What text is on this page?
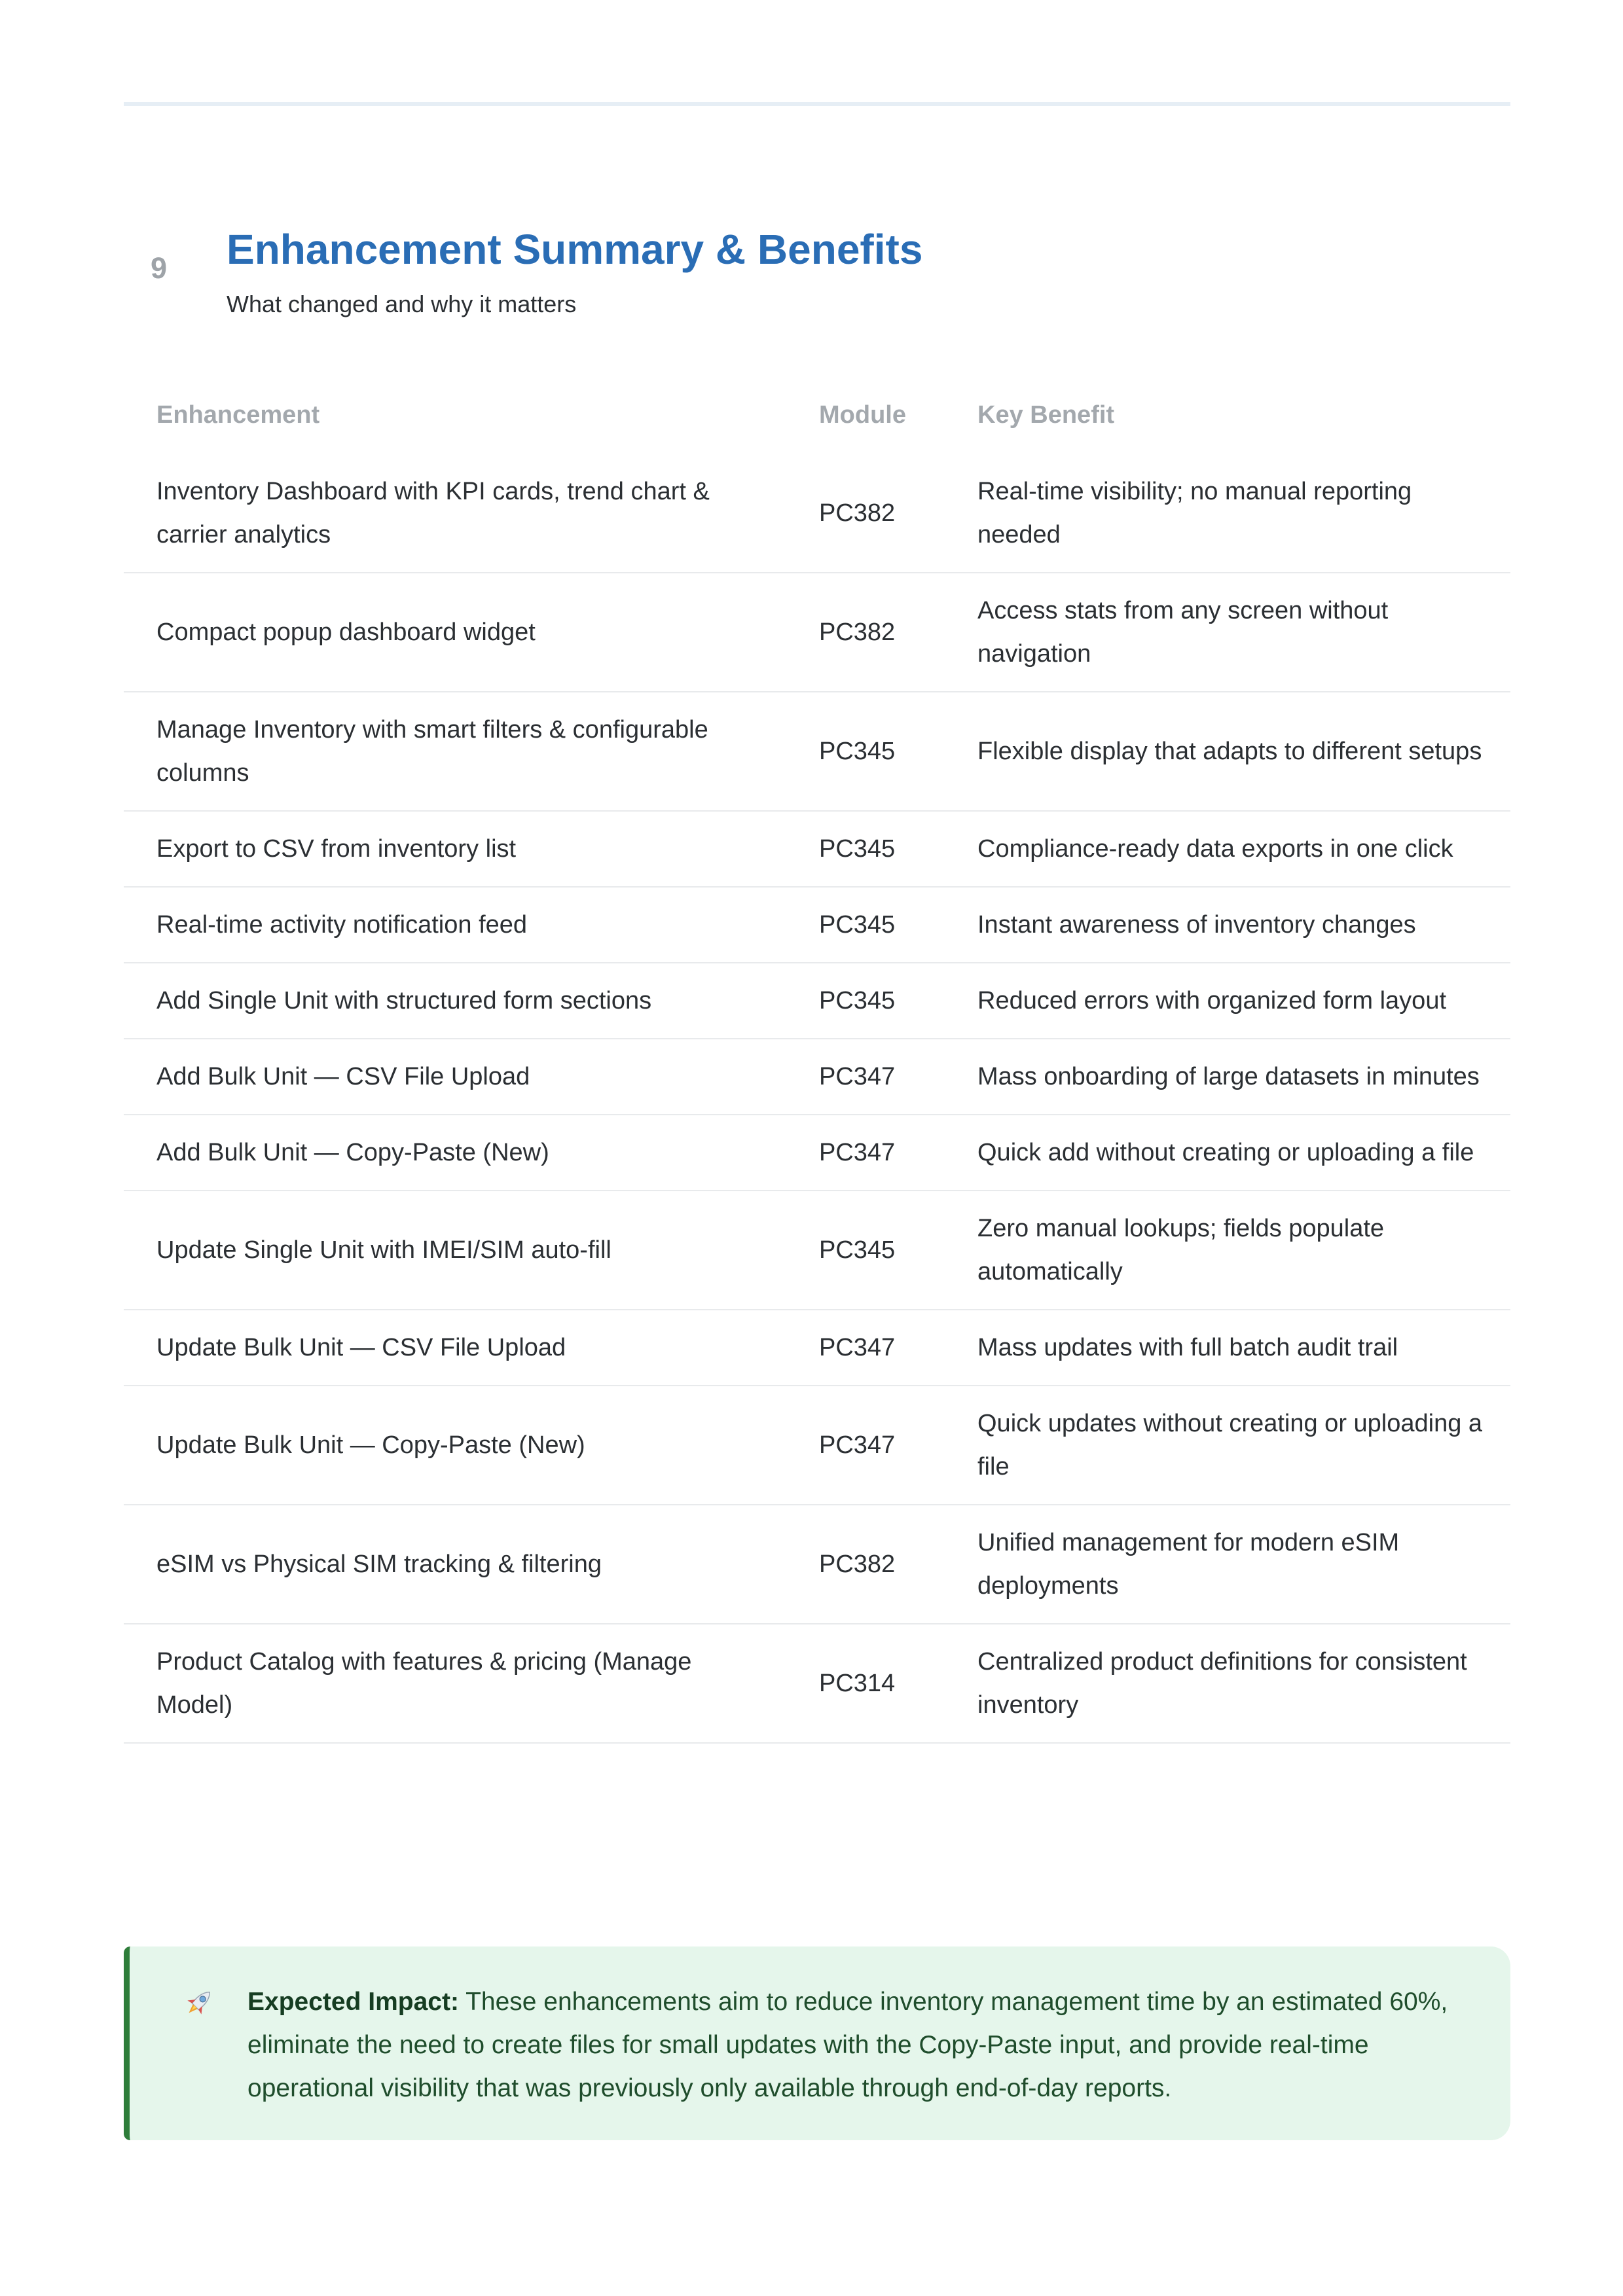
9 Enhancement Summary & Benefits
What changed and why it matters
Enhancement	Module	Key Benefit
Inventory Dashboard with KPI cards, trend chart & carrier analytics	PC382	Real-time visibility; no manual reporting needed
Compact popup dashboard widget	PC382	Access stats from any screen without navigation
Manage Inventory with smart filters & configurable columns	PC345	Flexible display that adapts to different setups
Export to CSV from inventory list	PC345	Compliance-ready data exports in one click
Real-time activity notification feed	PC345	Instant awareness of inventory changes
Add Single Unit with structured form sections	PC345	Reduced errors with organized form layout
Add Bulk Unit — CSV File Upload	PC347	Mass onboarding of large datasets in minutes
Add Bulk Unit — Copy-Paste (New)	PC347	Quick add without creating or uploading a file
Update Single Unit with IMEI/SIM auto-fill	PC345	Zero manual lookups; fields populate automatically
Update Bulk Unit — CSV File Upload	PC347	Mass updates with full batch audit trail
Update Bulk Unit — Copy-Paste (New)	PC347	Quick updates without creating or uploading a file
eSIM vs Physical SIM tracking & filtering	PC382	Unified management for modern eSIM deployments
Product Catalog with features & pricing (Manage Model)	PC314	Centralized product definitions for consistent inventory
Expected Impact: These enhancements aim to reduce inventory management time by an estimated 60%, eliminate the need to create files for small updates with the Copy-Paste input, and provide real-time operational visibility that was previously only available through end-of-day reports.
